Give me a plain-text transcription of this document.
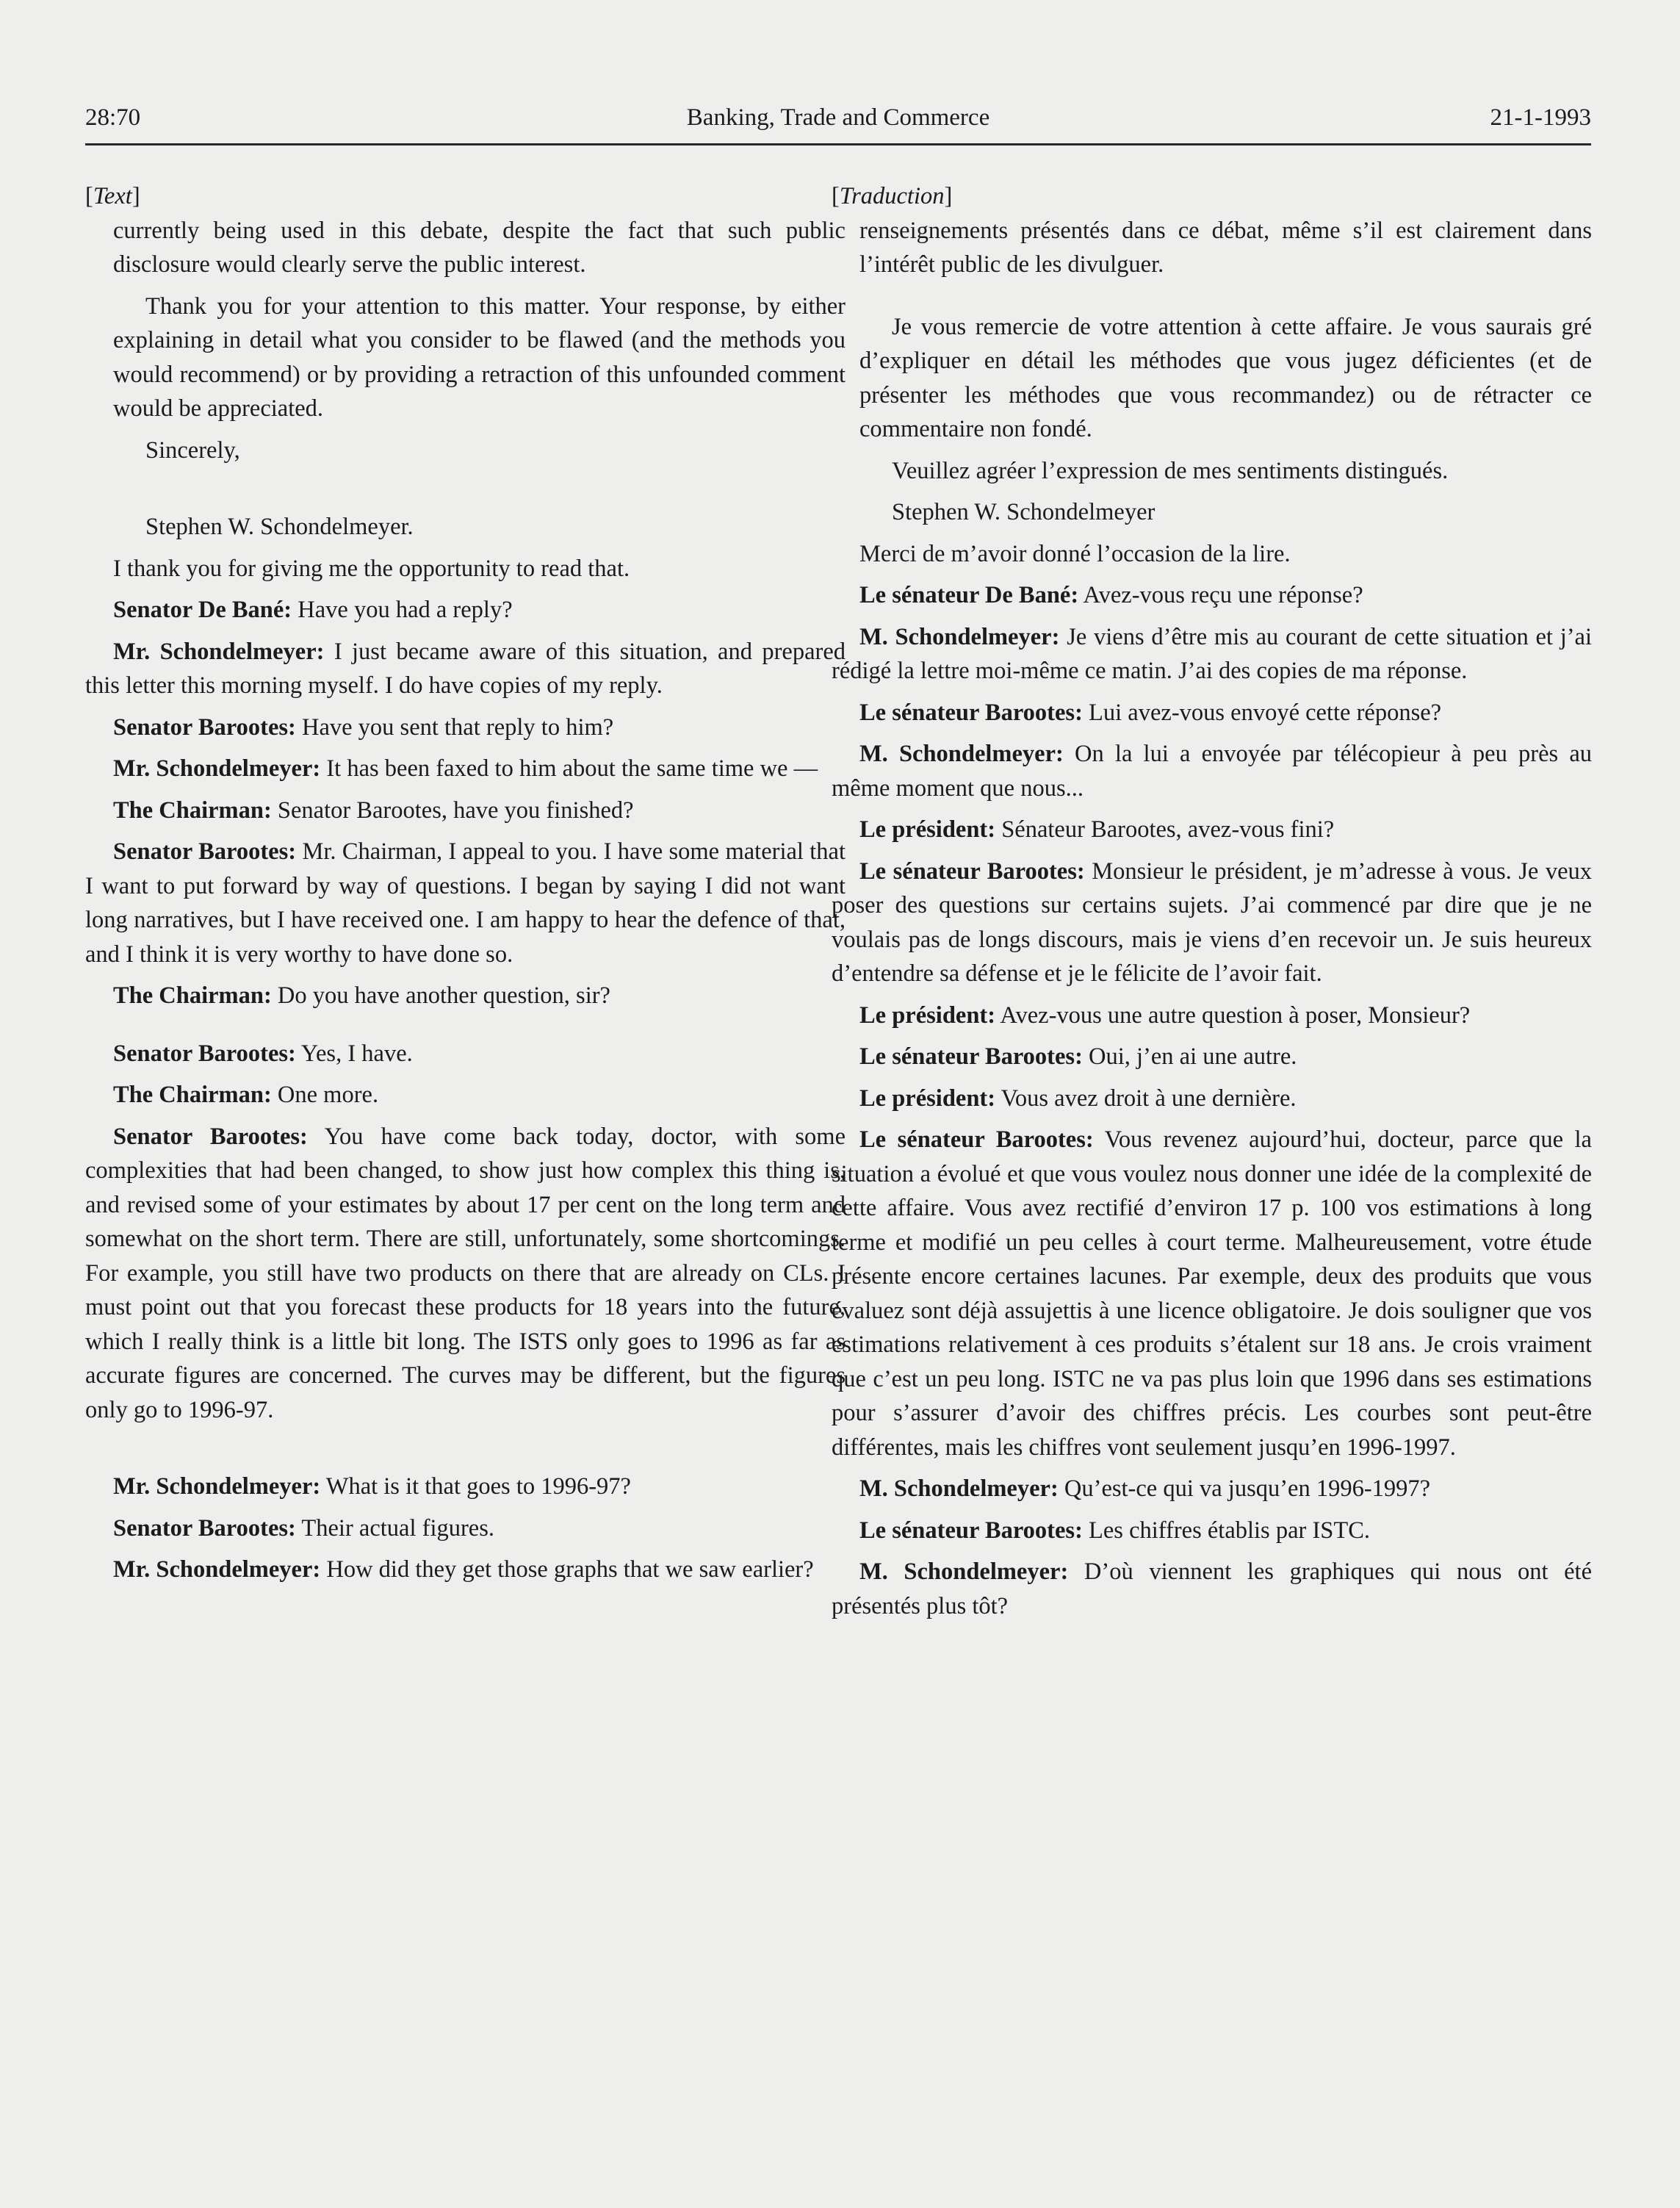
28:70	Banking, Trade and Commerce	21-1-1993
[Text]

currently being used in this debate, despite the fact that such public disclosure would clearly serve the public interest.

Thank you for your attention to this matter. Your response, by either explaining in detail what you consider to be flawed (and the methods you would recommend) or by providing a retraction of this unfounded comment would be appreciated.

Sincerely,

Stephen W. Schondelmeyer.

I thank you for giving me the opportunity to read that.
Senator De Bané: Have you had a reply?
Mr. Schondelmeyer: I just became aware of this situation, and prepared this letter this morning myself. I do have copies of my reply.
Senator Barootes: Have you sent that reply to him?
Mr. Schondelmeyer: It has been faxed to him about the same time we —
The Chairman: Senator Barootes, have you finished?
Senator Barootes: Mr. Chairman, I appeal to you. I have some material that I want to put forward by way of questions. I began by saying I did not want long narratives, but I have received one. I am happy to hear the defence of that, and I think it is very worthy to have done so.
The Chairman: Do you have another question, sir?
Senator Barootes: Yes, I have.
The Chairman: One more.
Senator Barootes: You have come back today, doctor, with some complexities that had been changed, to show just how complex this thing is, and revised some of your estimates by about 17 per cent on the long term and somewhat on the short term. There are still, unfortunately, some shortcomings. For example, you still have two products on there that are already on CLs. I must point out that you forecast these products for 18 years into the future, which I really think is a little bit long. The ISTS only goes to 1996 as far as accurate figures are concerned. The curves may be different, but the figures only go to 1996-97.
Mr. Schondelmeyer: What is it that goes to 1996-97?
Senator Barootes: Their actual figures.
Mr. Schondelmeyer: How did they get those graphs that we saw earlier?
[Traduction]

renseignements présentés dans ce débat, même s’il est clairement dans l’intérêt public de les divulguer.

Je vous remercie de votre attention à cette affaire. Je vous saurais gré d’expliquer en détail les méthodes que vous jugez déficientes (et de présenter les méthodes que vous recommandez) ou de rétracter ce commentaire non fondé.

Veuillez agréer l’expression de mes sentiments distingués.

Stephen W. Schondelmeyer

Merci de m’avoir donné l’occasion de la lire.
Le sénateur De Bané: Avez-vous reçu une réponse?
M. Schondelmeyer: Je viens d’être mis au courant de cette situation et j’ai rédigé la lettre moi-même ce matin. J’ai des copies de ma réponse.
Le sénateur Barootes: Lui avez-vous envoyé cette réponse?
M. Schondelmeyer: On la lui a envoyée par télécopieur à peu près au même moment que nous...
Le président: Sénateur Barootes, avez-vous fini?
Le sénateur Barootes: Monsieur le président, je m’adresse à vous. Je veux poser des questions sur certains sujets. J’ai commencé par dire que je ne voulais pas de longs discours, mais je viens d’en recevoir un. Je suis heureux d’entendre sa défense et je le félicite de l’avoir fait.
Le président: Avez-vous une autre question à poser, Monsieur?
Le sénateur Barootes: Oui, j’en ai une autre.
Le président: Vous avez droit à une dernière.
Le sénateur Barootes: Vous revenez aujourd’hui, docteur, parce que la situation a évolué et que vous voulez nous donner une idée de la complexité de cette affaire. Vous avez rectifié d’environ 17 p. 100 vos estimations à long terme et modifié un peu celles à court terme. Malheureusement, votre étude présente encore certaines lacunes. Par exemple, deux des produits que vous évaluez sont déjà assujettis à une licence obligatoire. Je dois souligner que vos estimations relativement à ces produits s’étalent sur 18 ans. Je crois vraiment que c’est un peu long. ISTC ne va pas plus loin que 1996 dans ses estimations pour s’assurer d’avoir des chiffres précis. Les courbes sont peut-être différentes, mais les chiffres vont seulement jusqu’en 1996-1997.
M. Schondelmeyer: Qu’est-ce qui va jusqu’en 1996-1997?
Le sénateur Barootes: Les chiffres établis par ISTC.
M. Schondelmeyer: D’où viennent les graphiques qui nous ont été présentés plus tôt?
